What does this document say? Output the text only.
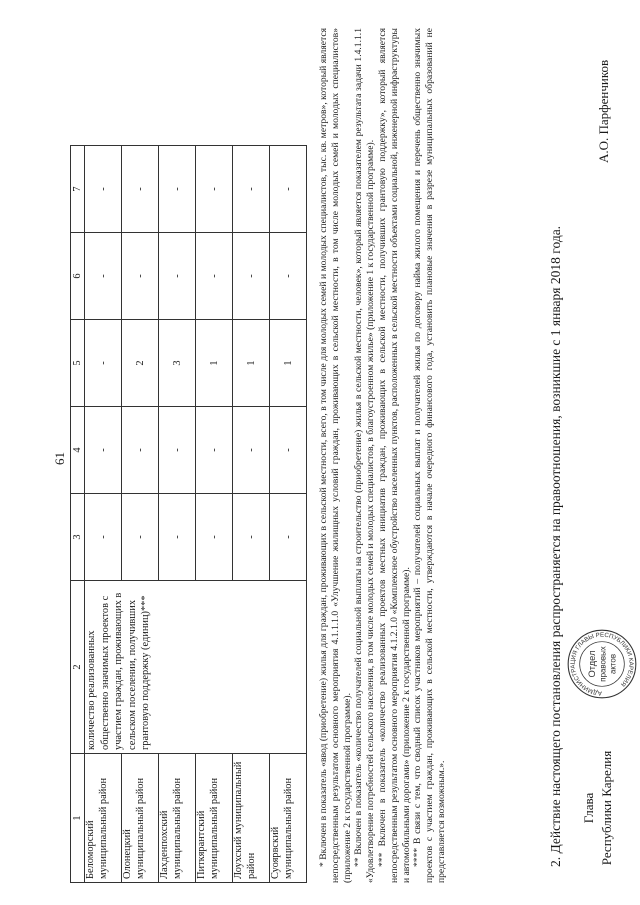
61
1	2	3	4	5	6	7
Беломорский муниципальный район	количество реализованных общественно значимых проектов с участием граждан, проживающих в сельском поселении, получивших грантовую поддержку (единиц)***	-	-	-	-	-
Олонецкий муниципальный район		-	-	2	-	-
Лахденпохский муниципальный район		-	-	3	-	-
Питкярантский муниципальный район		-	-	1	-	-
Лоухский муниципальный район		-	-	1	-	-
Суоярвский муниципальный район		-	-	1	-	-	* Включен в показатель «ввод (приобретение) жилья для граждан, проживающих в сельской местности, всего, в том числе для молодых семей и молодых специалистов, тыс. кв. метров», который является непосредственным результатом основного мероприятия 4.1.1.1.0 «Улучшение жилищных условий граждан, проживающих в сельской местности, в том числе молодых семей и молодых специалистов» (приложение 2 к государственной программе). ** Включен в показатель «количество получателей социальной выплаты на строительство (приобретение) жилья в сельской местности, человек», который является показателем результата задачи 1.4.1.1.1 «Удовлетворение потребностей сельского населения, в том числе молодых семей и молодых специалистов, в благоустроенном жилье» (приложение 1 к государственной программе). *** Включен в показатель «количество реализованных проектов местных инициатив граждан, проживающих в сельской местности, получивших грантовую поддержку», который является непосредственным результатом основного мероприятия 4.1.2.1.0 «Комплексное обустройство населенных пунктов, расположенных в сельской местности объектами социальной, инженерной инфраструктуры и автомобильными дорогами» (приложение 2 к государственной программе). **** В связи с тем, что сводный список участников мероприятий – получателей социальных выплат и получателей жилья по договору найма жилого помещения и перечень общественно значимых проектов с участием граждан, проживающих в сельской местности, утверждаются в начале очередного финансового года, установить плановые значения в разрезе муниципальных образований не представляется возможным.».	2. Действие настоящего постановления распространяется на правоотношения, возникшие с 1 января 2018 года. Глава Республики Карелия
АДМИНИСТРАЦИЯ ГЛАВЫ РЕСПУБЛИКИ КАРЕЛИЯ
Отдел правовых актов
А.О. Парфенчиков
